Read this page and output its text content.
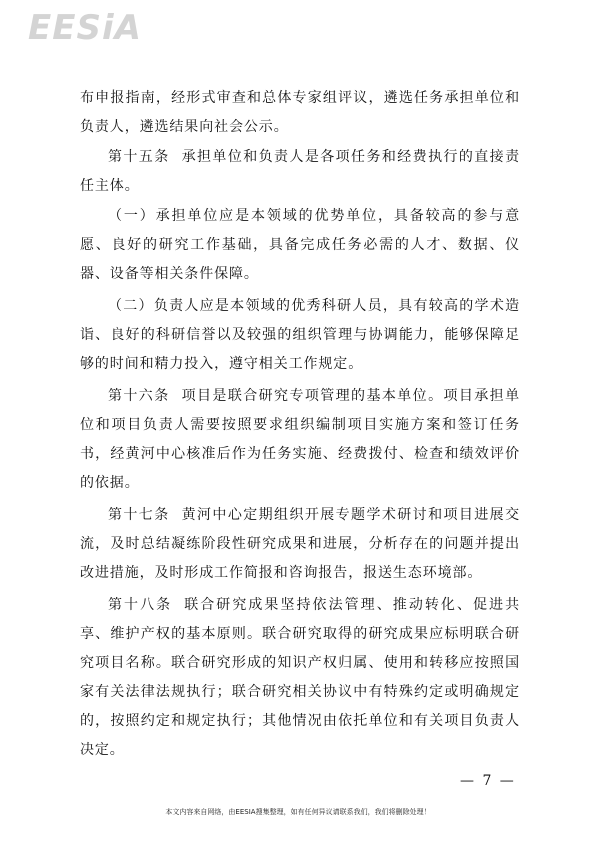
EESiA

布申报指南，经形式审查和总体专家组评议，遴选任务承担单位和负责人，遴选结果向社会公示。

第十五条 承担单位和负责人是各项任务和经费执行的直接责任主体。

（一）承担单位应是本领域的优势单位，具备较高的参与意愿、良好的研究工作基础，具备完成任务必需的人才、数据、仪器、设备等相关条件保障。

（二）负责人应是本领域的优秀科研人员，具有较高的学术造诣、良好的科研信誉以及较强的组织管理与协调能力，能够保障足够的时间和精力投入，遵守相关工作规定。

第十六条 项目是联合研究专项管理的基本单位。项目承担单位和项目负责人需要按照要求组织编制项目实施方案和签订任务书，经黄河中心核准后作为任务实施、经费拨付、检查和绩效评价的依据。

第十七条 黄河中心定期组织开展专题学术研讨和项目进展交流，及时总结凝练阶段性研究成果和进展，分析存在的问题并提出改进措施，及时形成工作简报和咨询报告，报送生态环境部。

第十八条 联合研究成果坚持依法管理、推动转化、促进共享、维护产权的基本原则。联合研究取得的研究成果应标明联合研究项目名称。联合研究形成的知识产权归属、使用和转移应按照国家有关法律法规执行；联合研究相关协议中有特殊约定或明确规定的，按照约定和规定执行；其他情况由依托单位和有关项目负责人决定。

— 7 —
本文内容来自网络，由EESIA搜集整理，如有任何异议请联系我们，我们将删除处理！
